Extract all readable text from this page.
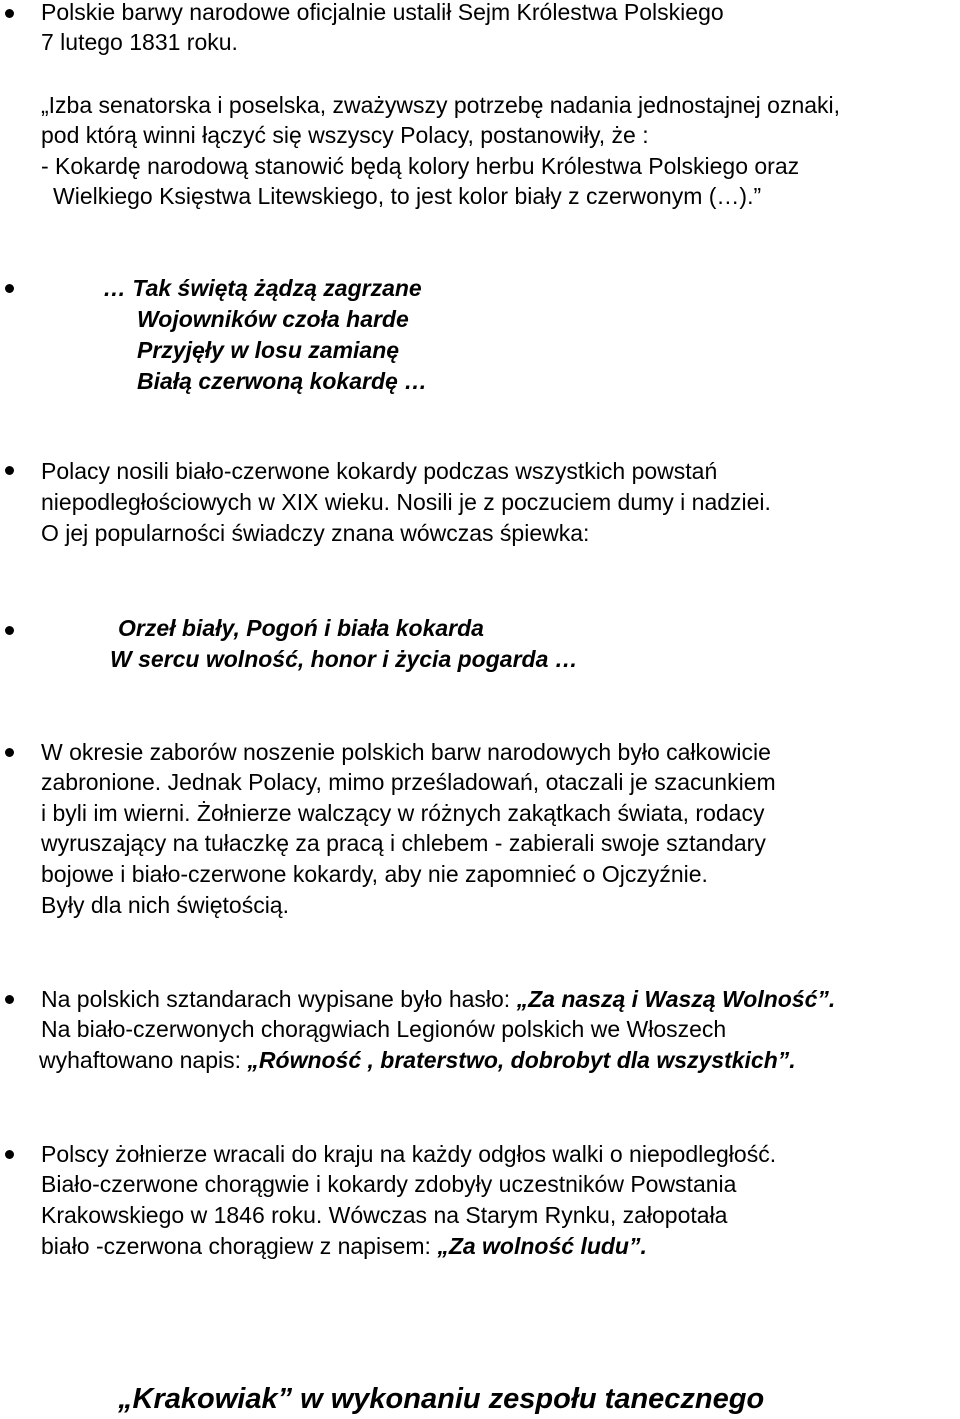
Polskie barwy narodowe oficjalnie ustalił Sejm Królestwa Polskiego
7 lutego 1831 roku.
„Izba senatorska i poselska, zważywszy potrzebę nadania jednostajnej oznaki,
pod którą winni łączyć się wszyscy Polacy, postanowiły, że :
- Kokardę narodową stanowić będą kolory herbu Królestwa Polskiego oraz
Wielkiego Księstwa Litewskiego, to jest kolor biały z czerwonym (…).”
… Tak świętą żądzą zagrzane
Wojowników czoła harde
Przyjęły w losu zamianę
Białą czerwoną kokardę …
Polacy nosili biało-czerwone kokardy podczas wszystkich powstań
niepodległościowych w XIX wieku. Nosili je z poczuciem dumy i nadziei.
O jej popularności świadczy znana wówczas śpiewka:
Orzeł biały, Pogoń i biała kokarda
W sercu wolność, honor i życia pogarda …
W okresie zaborów noszenie polskich barw narodowych było całkowicie
zabronione. Jednak Polacy, mimo prześladowań, otaczali je szacunkiem
i byli im wierni. Żołnierze walczący w różnych zakątkach świata, rodacy
wyruszający na tułaczkę za pracą i chlebem - zabierali swoje sztandary
bojowe i biało-czerwone kokardy, aby nie zapomnieć o Ojczyźnie.
Były dla nich świętością.
Na polskich sztandarach wypisane było hasło: „Za naszą i Waszą Wolność”.
Na biało-czerwonych chorągwiach Legionów polskich we Włoszech
wyhaftowano napis: „Równość , braterstwo, dobrobyt dla wszystkich”.
Polscy żołnierze wracali do kraju na każdy odgłos walki o niepodległość.
Biało-czerwone chorągwie i kokardy zdobyły uczestników Powstania
Krakowskiego w 1846 roku. Wówczas na Starym Rynku, załopotała
biało -czerwona chorągiew z napisem: „Za wolność ludu”.
„Krakowiak” w wykonaniu zespołu tanecznego
